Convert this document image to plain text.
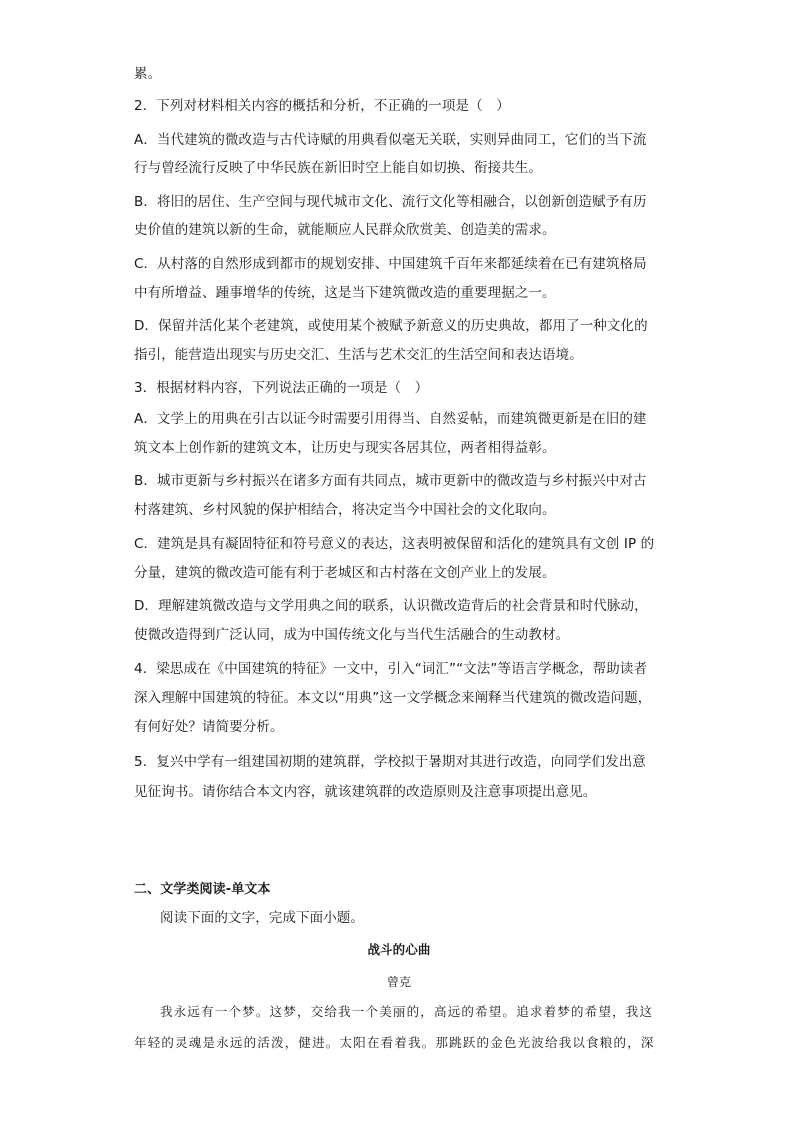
累。
2．下列对材料相关内容的概括和分析，不正确的一项是（　）
A．当代建筑的微改造与古代诗赋的用典看似毫无关联，实则异曲同工，它们的当下流
行与曾经流行反映了中华民族在新旧时空上能自如切换、衔接共生。
B．将旧的居住、生产空间与现代城市文化、流行文化等相融合，以创新创造赋予有历
史价值的建筑以新的生命，就能顺应人民群众欣赏美、创造美的需求。
C．从村落的自然形成到都市的规划安排、中国建筑千百年来都延续着在已有建筑格局
中有所增益、踵事增华的传统，这是当下建筑微改造的重要理据之一。
D．保留并活化某个老建筑，或使用某个被赋予新意义的历史典故，都用了一种文化的
指引，能营造出现实与历史交汇、生活与艺术交汇的生活空间和表达语境。
3．根据材料内容，下列说法正确的一项是（　）
A．文学上的用典在引古以证今时需要引用得当、自然妥帖，而建筑微更新是在旧的建
筑文本上创作新的建筑文本，让历史与现实各居其位，两者相得益彰。
B．城市更新与乡村振兴在诸多方面有共同点，城市更新中的微改造与乡村振兴中对古
村落建筑、乡村风貌的保护相结合，将决定当今中国社会的文化取向。
C．建筑是具有凝固特征和符号意义的表达，这表明被保留和活化的建筑具有文创 IP 的
分量，建筑的微改造可能有利于老城区和古村落在文创产业上的发展。
D．理解建筑微改造与文学用典之间的联系，认识微改造背后的社会背景和时代脉动，
使微改造得到广泛认同，成为中国传统文化与当代生活融合的生动教材。
4．梁思成在《中国建筑的特征》一文中，引入“词汇”“文法”等语言学概念，帮助读者
深入理解中国建筑的特征。本文以“用典”这一文学概念来阐释当代建筑的微改造问题，
有何好处？请简要分析。
5．复兴中学有一组建国初期的建筑群，学校拟于暑期对其进行改造，向同学们发出意
见征询书。请你结合本文内容，就该建筑群的改造原则及注意事项提出意见。
二、文学类阅读-单文本
阅读下面的文字，完成下面小题。
战斗的心曲
曾克
我永远有一个梦。这梦，交给我一个美丽的，高远的希望。追求着梦的希望，我这
年轻的灵魂是永远的活泼，健进。太阳在看着我。那跳跃的金色光波给我以食粮的，深
